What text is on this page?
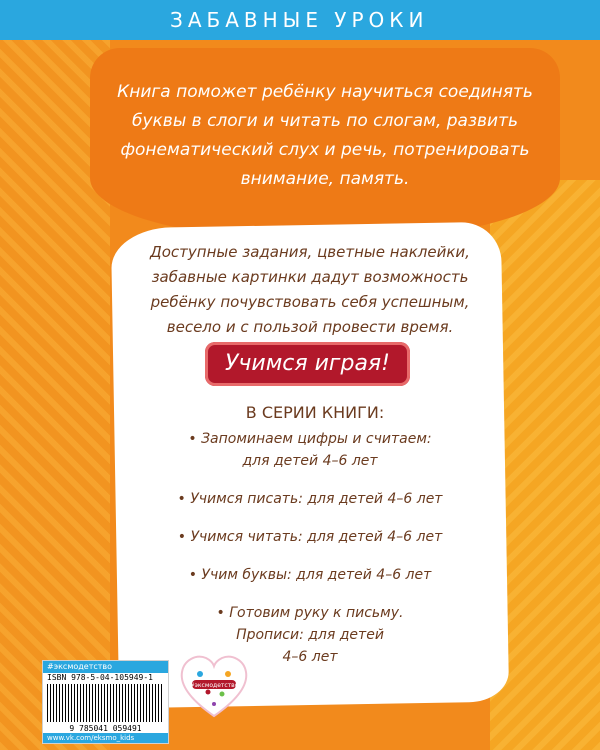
ЗАБАВНЫЕ УРОКИ
Книга поможет ребёнку научиться соединять
буквы в слоги и читать по слогам, развить
фонематический слух и речь, потренировать
внимание, память.
Доступные задания, цветные наклейки,
забавные картинки дадут возможность
ребёнку почувствовать себя успешным,
весело и с пользой провести время.
Учимся играя!
В СЕРИИ КНИГИ:
• Запоминаем цифры и считаем:
для детей 4–6 лет
• Учимся писать: для детей 4–6 лет
• Учимся читать: для детей 4–6 лет
• Учим буквы: для детей 4–6 лет
• Готовим руку к письму.
Прописи: для детей
4–6 лет
#эксмодетство
ISBN 978-5-04-105949-1
9 785041 059491
www.vk.com/eksmo_kids
#эксмодетство
